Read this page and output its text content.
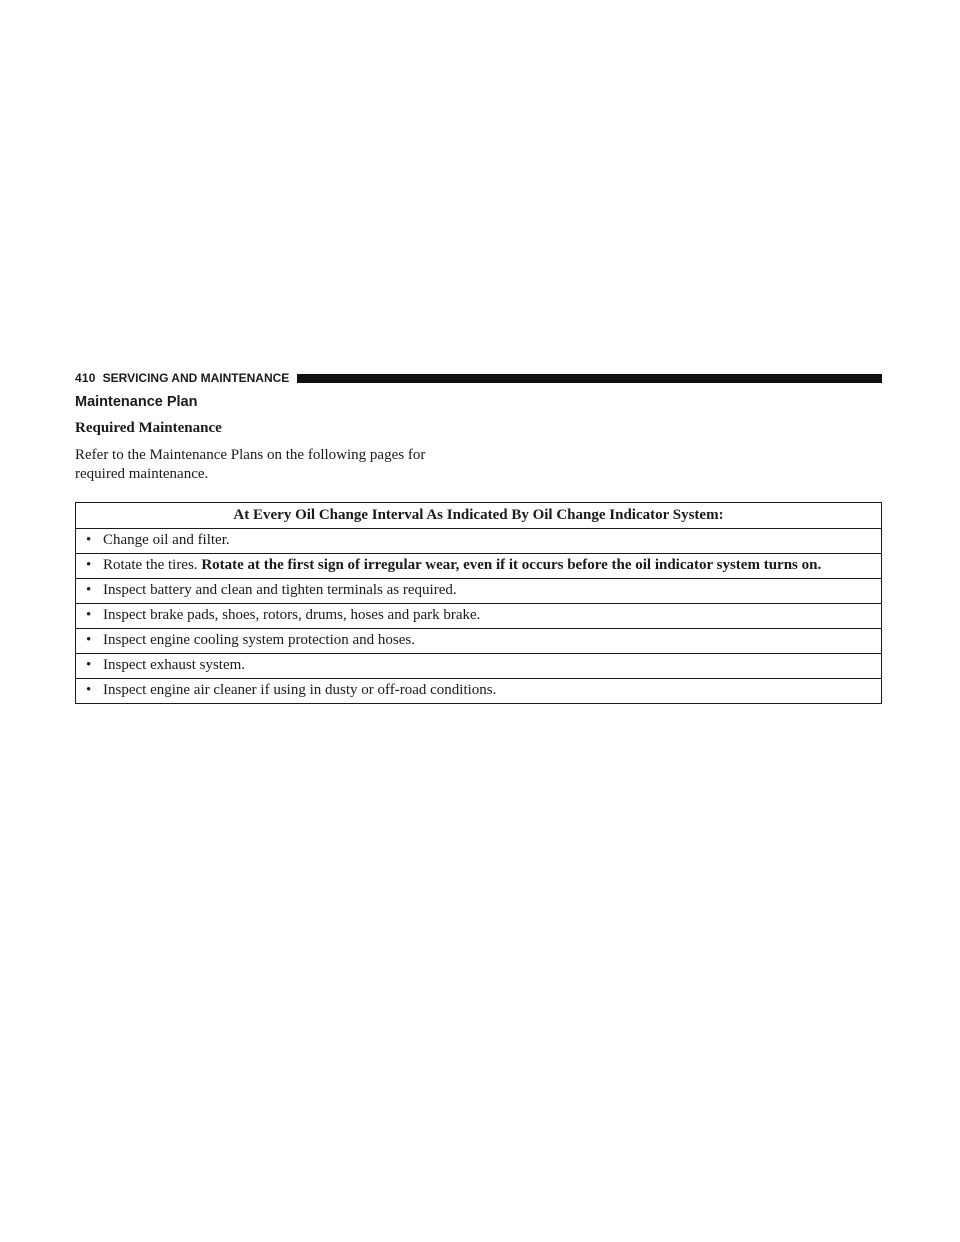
410 SERVICING AND MAINTENANCE
Maintenance Plan
Required Maintenance

Refer to the Maintenance Plans on the following pages for required maintenance.

At Every Oil Change Interval As Indicated By Oil Change Indicator System:

• Change oil and filter.

• Rotate the tires. Rotate at the first sign of irregular wear, even if it occurs before the oil indicator system turns on.

• Inspect battery and clean and tighten terminals as required.

• Inspect brake pads, shoes, rotors, drums, hoses and park brake.

• Inspect engine cooling system protection and hoses.

• Inspect exhaust system.

• Inspect engine air cleaner if using in dusty or off-road conditions.
